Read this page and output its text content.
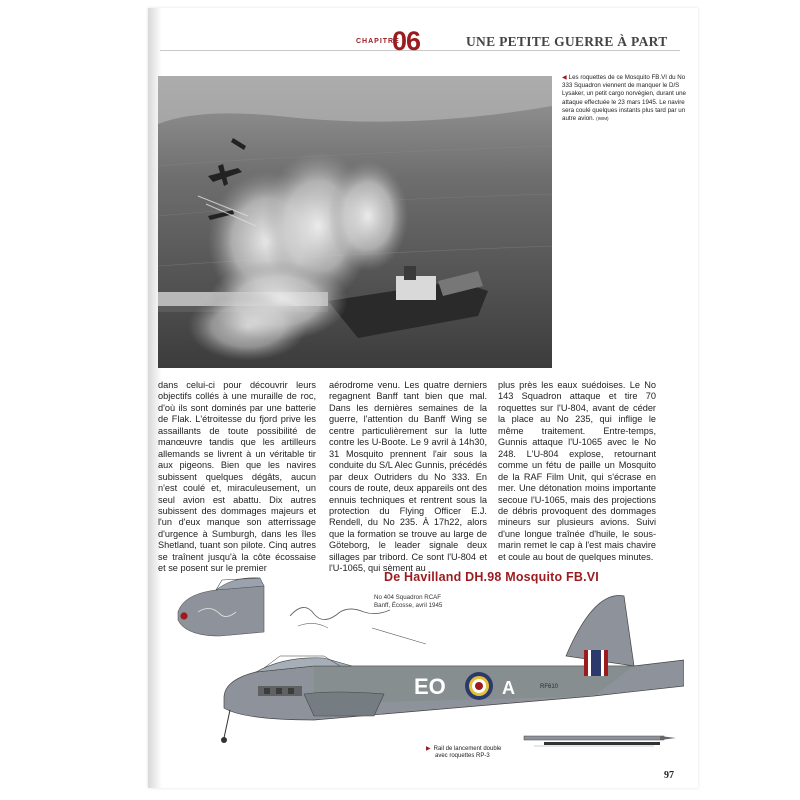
CHAPITRE
06	UNE PETITE GUERRE À PART
◀ Les roquettes de ce Mosquito FB.VI du No 333 Squadron viennent de manquer le D/S Lysaker, un petit cargo norvégien, durant une attaque effectuée le 23 mars 1945. Le navire sera coulé quelques instants plus tard par un autre avion. (IWM)

dans celui-ci pour découvrir leurs objectifs collés à une muraille de roc, d'où ils sont dominés par une batterie de Flak. L'étroitesse du fjord prive les assaillants de toute possibilité de manœuvre tandis que les artilleurs allemands se livrent à un véritable tir aux pigeons. Bien que les navires subissent quelques dégâts, aucun n'est coulé et, miraculeusement, un seul avion est abattu. Dix autres subissent des dommages majeurs et l'un d'eux manque son atterrissage d'urgence à Sumburgh, dans les îles Shetland, tuant son pilote. Cinq autres se traînent jusqu'à la côte écossaise et se posent sur le premier

aérodrome venu. Les quatre derniers regagnent Banff tant bien que mal. Dans les dernières semaines de la guerre, l'attention du Banff Wing se centre particulièrement sur la lutte contre les U-Boote. Le 9 avril à 14h30, 31 Mosquito prennent l'air sous la conduite du S/L Alec Gunnis, précédés par deux Outriders du No 333. En cours de route, deux appareils ont des ennuis techniques et rentrent sous la protection du Flying Officer E.J. Rendell, du No 235. À 17h22, alors que la formation se trouve au large de Göteborg, le leader signale deux sillages par tribord. Ce sont l'U-804 et l'U-1065, qui sèment au

plus près les eaux suédoises. Le No 143 Squadron attaque et tire 70 roquettes sur l'U-804, avant de céder la place au No 235, qui inflige le même traitement. Entre-temps, Gunnis attaque l'U-1065 avec le No 248. L'U-804 explose, retournant comme un fétu de paille un Mosquito de la RAF Film Unit, qui s'écrase en mer. Une détonation moins importante secoue l'U-1065, mais des projections de débris provoquent des dommages mineurs sur plusieurs avions. Suivi d'une longue traînée d'huile, le sous-marin remet le cap à l'est mais chavire et coule au bout de quelques minutes.

EO	A	RF610
De Havilland DH.98 Mosquito FB.VI
No 404 Squadron RCAF
Banff, Écosse, avril 1945
▶ Rail de lancement double
avec roquettes RP-3
97
